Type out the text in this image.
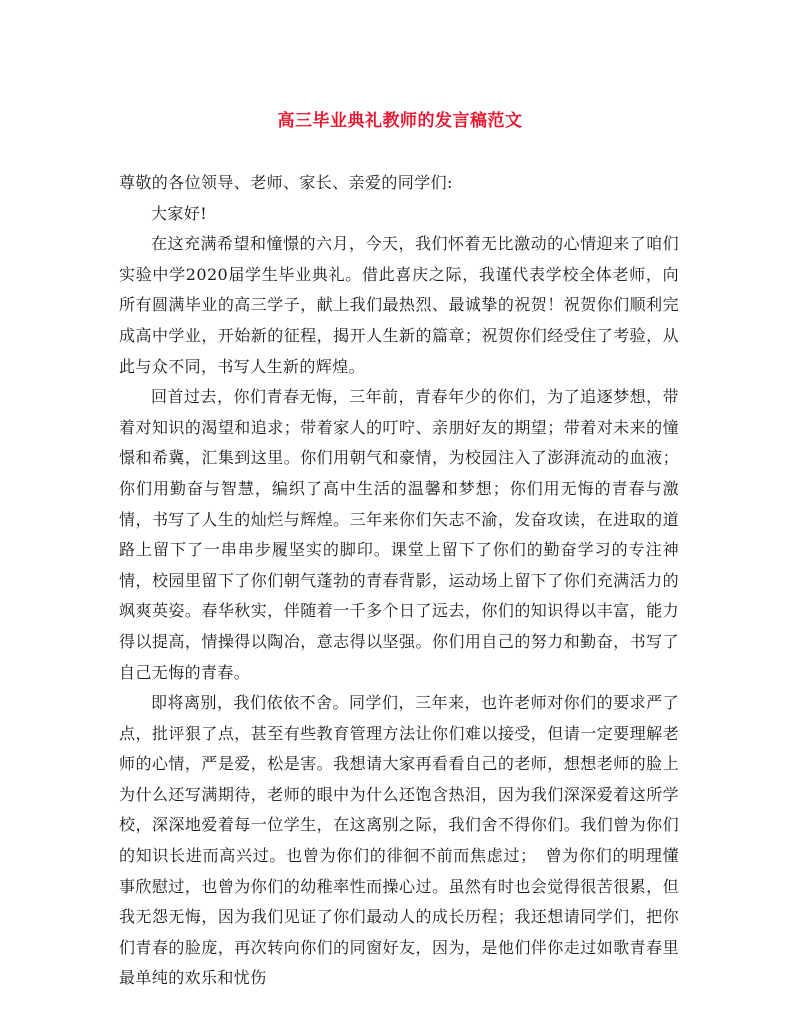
高三毕业典礼教师的发言稿范文

尊敬的各位领导、老师、家长、亲爱的同学们:

大家好!

在这充满希望和憧憬的六月，今天，我们怀着无比激动的心情迎来了咱们实验中学2020届学生毕业典礼。借此喜庆之际，我谨代表学校全体老师，向所有圆满毕业的高三学子，献上我们最热烈、最诚挚的祝贺！祝贺你们顺利完成高中学业，开始新的征程，揭开人生新的篇章；祝贺你们经受住了考验，从此与众不同，书写人生新的辉煌。

回首过去，你们青春无悔，三年前，青春年少的你们，为了追逐梦想，带着对知识的渴望和追求；带着家人的叮咛、亲朋好友的期望；带着对未来的憧憬和希冀，汇集到这里。你们用朝气和豪情，为校园注入了澎湃流动的血液；你们用勤奋与智慧，编织了高中生活的温馨和梦想；你们用无悔的青春与激情，书写了人生的灿烂与辉煌。三年来你们矢志不渝，发奋攻读，在进取的道路上留下了一串串步履坚实的脚印。课堂上留下了你们的勤奋学习的专注神情，校园里留下了你们朝气蓬勃的青春背影，运动场上留下了你们充满活力的飒爽英姿。春华秋实，伴随着一千多个日了远去，你们的知识得以丰富，能力得以提高，情操得以陶冶，意志得以坚强。你们用自己的努力和勤奋，书写了自己无悔的青春。

即将离别，我们依依不舍。同学们，三年来，也许老师对你们的要求严了点，批评狠了点，甚至有些教育管理方法让你们难以接受，但请一定要理解老师的心情，严是爱，松是害。我想请大家再看看自己的老师，想想老师的脸上为什么还写满期待，老师的眼中为什么还饱含热泪，因为我们深深爱着这所学校，深深地爱着每一位学生，在这离别之际，我们舍不得你们。我们曾为你们的知识长进而高兴过。也曾为你们的徘徊不前而焦虑过；　曾为你们的明理懂事欣慰过，也曾为你们的幼稚率性而操心过。虽然有时也会觉得很苦很累，但我无怨无悔，因为我们见证了你们最动人的成长历程；我还想请同学们，把你们青春的脸庞，再次转向你们的同窗好友，因为，是他们伴你走过如歌青春里最单纯的欢乐和忧伤
